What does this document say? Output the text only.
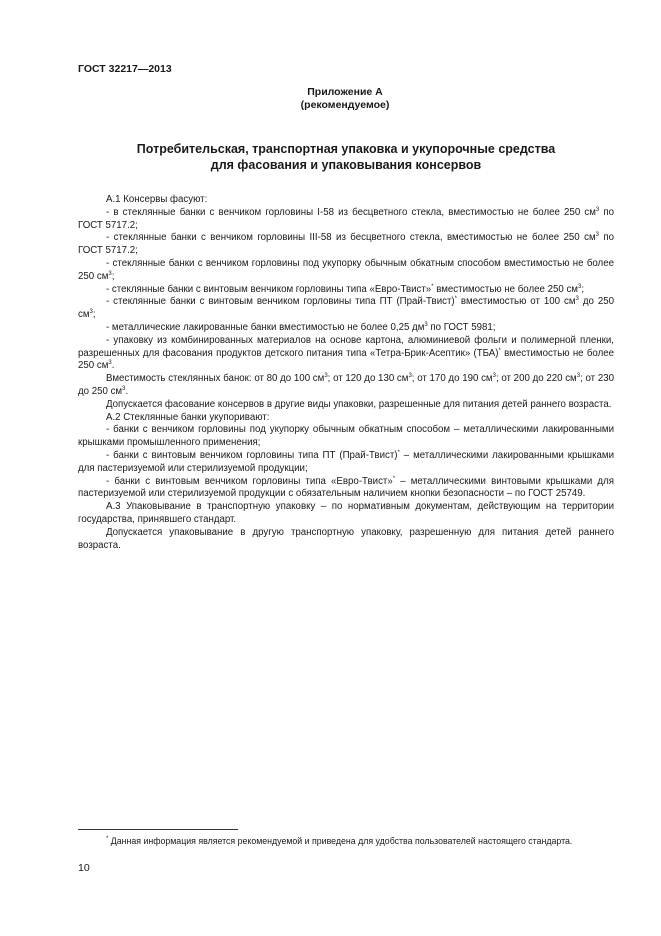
ГОСТ 32217—2013
Приложение А
(рекомендуемое)
Потребительская, транспортная упаковка и укупорочные средства
для фасования и упаковывания консервов

А.1 Консервы фасуют:

- в стеклянные банки с венчиком горловины I-58 из бесцветного стекла, вместимостью не более 250 $см^3$ по ГОСТ 5717.2;

- стеклянные банки с венчиком горловины III-58 из бесцветного стекла, вместимостью не более 250 $см^3$ по ГОСТ 5717.2;

- стеклянные банки с венчиком горловины под укупорку обычным обкатным способом вместимостью не более 250 $см^3$;

- стеклянные банки с винтовым венчиком горловины типа «Евро-Твист»* вместимостью не более 250 $см^3$;

- стеклянные банки с винтовым венчиком горловины типа ПТ (Прай-Твист)* вместимостью от 100 $см^3$ до 250 $см^3$;

- металлические лакированные банки вместимостью не более 0,25 $дм^3$ по ГОСТ 5981;

- упаковку из комбинированных материалов на основе картона, алюминиевой фольги и полимерной пленки, разрешенных для фасования продуктов детского питания типа «Тетра-Брик-Асептик» (ТБА)* вместимостью не более 250 $см^3$.

Вместимость стеклянных банок: от 80 до 100 $см^3$; от 120 до 130 $см^3$; от 170 до 190 $см^3$; от 200 до 220 $см^3$; от 230 до 250 $см^3$.

Допускается фасование консервов в другие виды упаковки, разрешенные для питания детей раннего возраста.

А.2 Стеклянные банки укупоривают:

- банки с венчиком горловины под укупорку обычным обкатным способом – металлическими лакированными крышками промышленного применения;

- банки с винтовым венчиком горловины типа ПТ (Прай-Твист)* – металлическими лакированными крышками для пастеризуемой или стерилизуемой продукции;

- банки с винтовым венчиком горловины типа «Евро-Твист»* – металлическими винтовыми крышками для пастеризуемой или стерилизуемой продукции с обязательным наличием кнопки безопасности – по ГОСТ 25749.

А.3 Упаковывание в транспортную упаковку – по нормативным документам, действующим на территории государства, принявшего стандарт.

Допускается упаковывание в другую транспортную упаковку, разрешенную для питания детей раннего возраста.

* Данная информация является рекомендуемой и приведена для удобства пользователей настоящего стандарта.
10
